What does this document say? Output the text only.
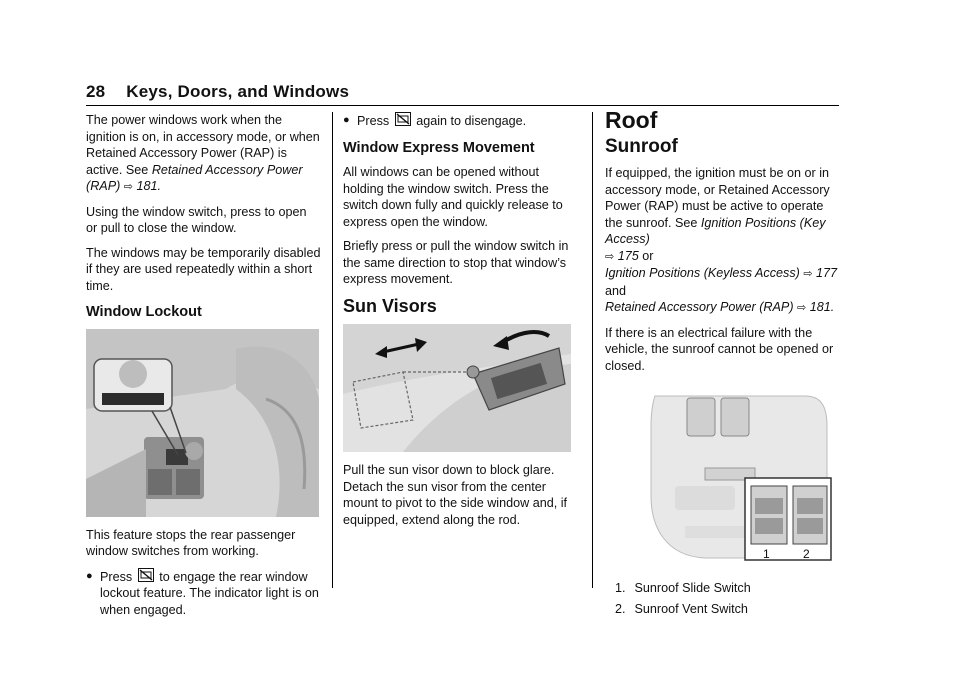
28 Keys, Doors, and Windows

The power windows work when the ignition is on, in accessory mode, or when Retained Accessory Power (RAP) is active. See Retained Accessory Power (RAP) ⇨ 181.

Using the window switch, press to open or pull to close the window.

The windows may be temporarily disabled if they are used repeatedly within a short time.

Window Lockout

This feature stops the rear passenger window switches from working.

● Press to engage the rear window lockout feature. The indicator light is on when engaged.
● Press again to disengage.
Window Express Movement

All windows can be opened without holding the window switch. Press the switch down fully and quickly release to express open the window.

Briefly press or pull the window switch in the same direction to stop that window’s express movement.

Sun Visors

Pull the sun visor down to block glare. Detach the sun visor from the center mount to pivot to the side window and, if equipped, extend along the rod.

Roof
Sunroof

If equipped, the ignition must be on or in accessory mode, or Retained Accessory Power (RAP) must be active to operate the sunroof. See Ignition Positions (Key Access)
⇨ 175 or
Ignition Positions (Keyless Access) ⇨ 177 and
Retained Accessory Power (RAP) ⇨ 181.

If there is an electrical failure with the vehicle, the sunroof cannot be opened or closed.

1	2
1. Sunroof Slide Switch
2. Sunroof Vent Switch
